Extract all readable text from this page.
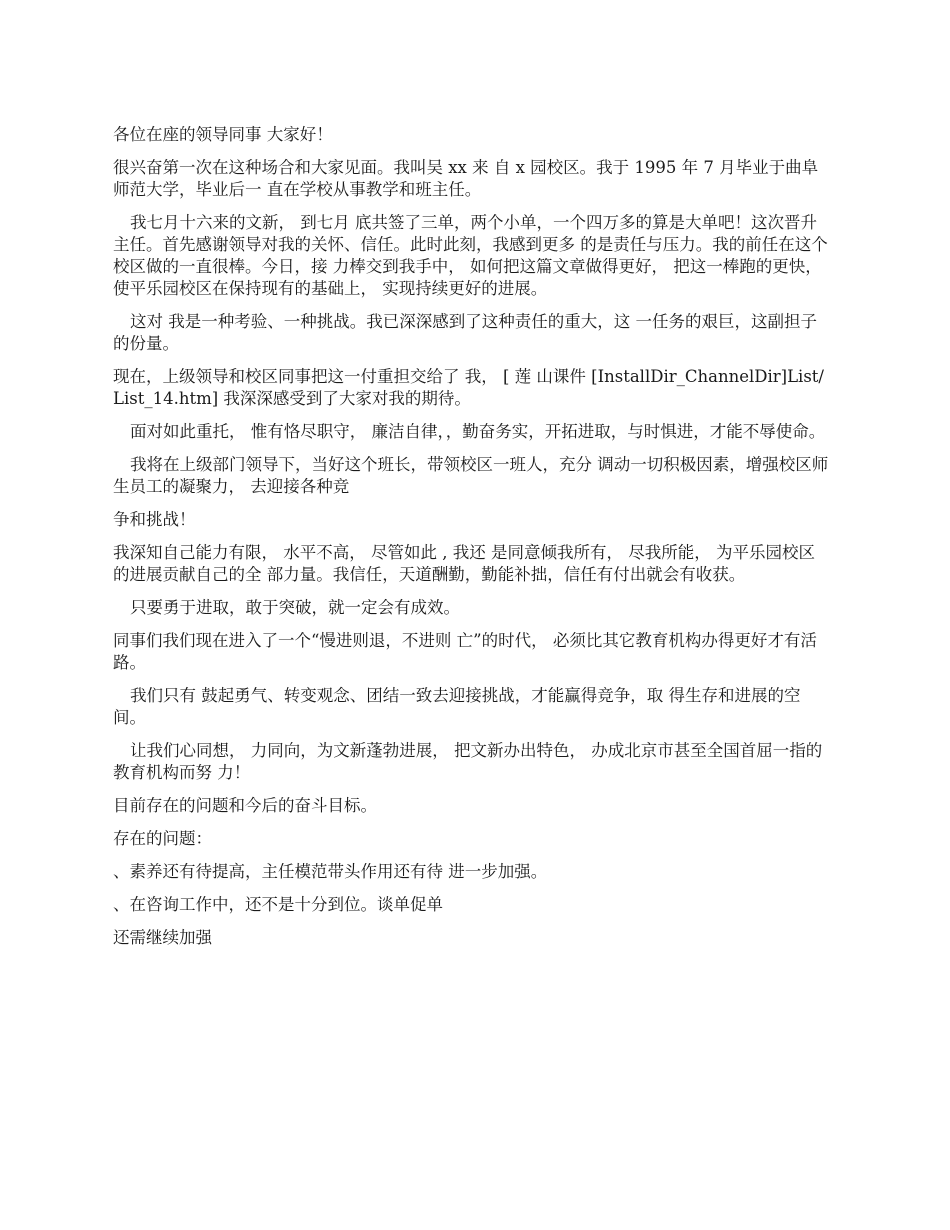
各位在座的领导同事 大家好！

很兴奋第一次在这种场合和大家见面。我叫吴 xx 来 自 x 园校区。我于 1995 年 7 月毕业于曲阜师范大学，毕业后一 直在学校从事教学和班主任。

我七月十六来的文新， 到七月 底共签了三单，两个小单，一个四万多的算是大单吧！这次晋升 主任。首先感谢领导对我的关怀、信任。此时此刻，我感到更多 的是责任与压力。我的前任在这个校区做的一直很棒。今日，接 力棒交到我手中， 如何把这篇文章做得更好， 把这一棒跑的更快， 使平乐园校区在保持现有的基础上， 实现持续更好的进展。

这对 我是一种考验、一种挑战。我已深深感到了这种责任的重大，这 一任务的艰巨，这副担子的份量。

现在，上级领导和校区同事把这一付重担交给了 我， [ 莲 山课件 [InstallDir_ChannelDir]List/List_14.htm] 我深深感受到了大家对我的期待。

面对如此重托， 惟有恪尽职守， 廉洁自律，，勤奋务实，开拓进取，与时惧进，才能不辱使命。

我将在上级部门领导下，当好这个班长，带领校区一班人，充分 调动一切积极因素，增强校区师生员工的凝聚力， 去迎接各种竞

争和挑战！

我深知自己能力有限， 水平不高， 尽管如此 , 我还 是同意倾我所有， 尽我所能， 为平乐园校区的进展贡献自己的全 部力量。我信任，天道酬勤，勤能补拙，信任有付出就会有收获。

只要勇于进取，敢于突破，就一定会有成效。

同事们我们现在进入了一个“慢进则退，不进则 亡”的时代， 必须比其它教育机构办得更好才有活路。

我们只有 鼓起勇气、转变观念、团结一致去迎接挑战，才能赢得竞争，取 得生存和进展的空间。

让我们心同想， 力同向，为文新蓬勃进展， 把文新办出特色， 办成北京市甚至全国首屈一指的教育机构而努 力！

目前存在的问题和今后的奋斗目标。

存在的问题：

、素养还有待提高，主任模范带头作用还有待 进一步加强。

、在咨询工作中，还不是十分到位。谈单促单

还需继续加强
